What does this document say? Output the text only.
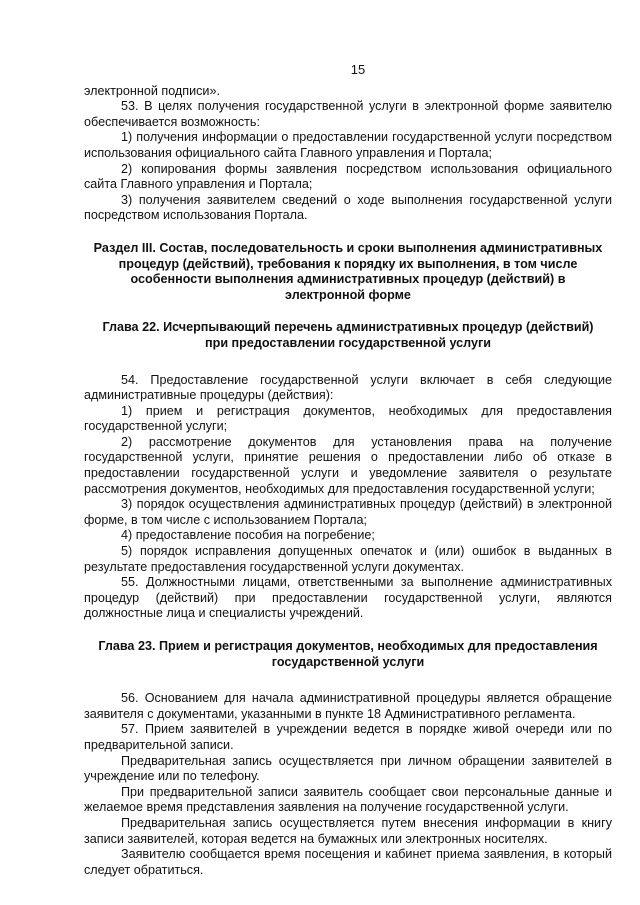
15

электронной подписи».

53. В целях получения государственной услуги в электронной форме заявителю обеспечивается возможность:

1) получения информации о предоставлении государственной услуги посредством использования официального сайта Главного управления и Портала;

2) копирования формы заявления посредством использования официального сайта Главного управления и Портала;

3) получения заявителем сведений о ходе выполнения государственной услуги посредством использования Портала.

Раздел III. Состав, последовательность и сроки выполнения административных процедур (действий), требования к порядку их выполнения, в том числе особенности выполнения административных процедур (действий) в электронной форме
Глава 22. Исчерпывающий перечень административных процедур (действий) при предоставлении государственной услуги

54. Предоставление государственной услуги включает в себя следующие административные процедуры (действия):

1) прием и регистрация документов, необходимых для предоставления государственной услуги;

2) рассмотрение документов для установления права на получение государственной услуги, принятие решения о предоставлении либо об отказе в предоставлении государственной услуги и уведомление заявителя о результате рассмотрения документов, необходимых для предоставления государственной услуги;

3) порядок осуществления административных процедур (действий) в электронной форме, в том числе с использованием Портала;

4) предоставление пособия на погребение;

5) порядок исправления допущенных опечаток и (или) ошибок в выданных в результате предоставления государственной услуги документах.

55. Должностными лицами, ответственными за выполнение административных процедур (действий) при предоставлении государственной услуги, являются должностные лица и специалисты учреждений.

Глава 23. Прием и регистрация документов, необходимых для предоставления государственной услуги

56. Основанием для начала административной процедуры является обращение заявителя с документами, указанными в пункте 18 Административного регламента.

57. Прием заявителей в учреждении ведется в порядке живой очереди или по предварительной записи.

Предварительная запись осуществляется при личном обращении заявителей в учреждение или по телефону.

При предварительной записи заявитель сообщает свои персональные данные и желаемое время представления заявления на получение государственной услуги.

Предварительная запись осуществляется путем внесения информации в книгу записи заявителей, которая ведется на бумажных или электронных носителях.

Заявителю сообщается время посещения и кабинет приема заявления, в который следует обратиться.
